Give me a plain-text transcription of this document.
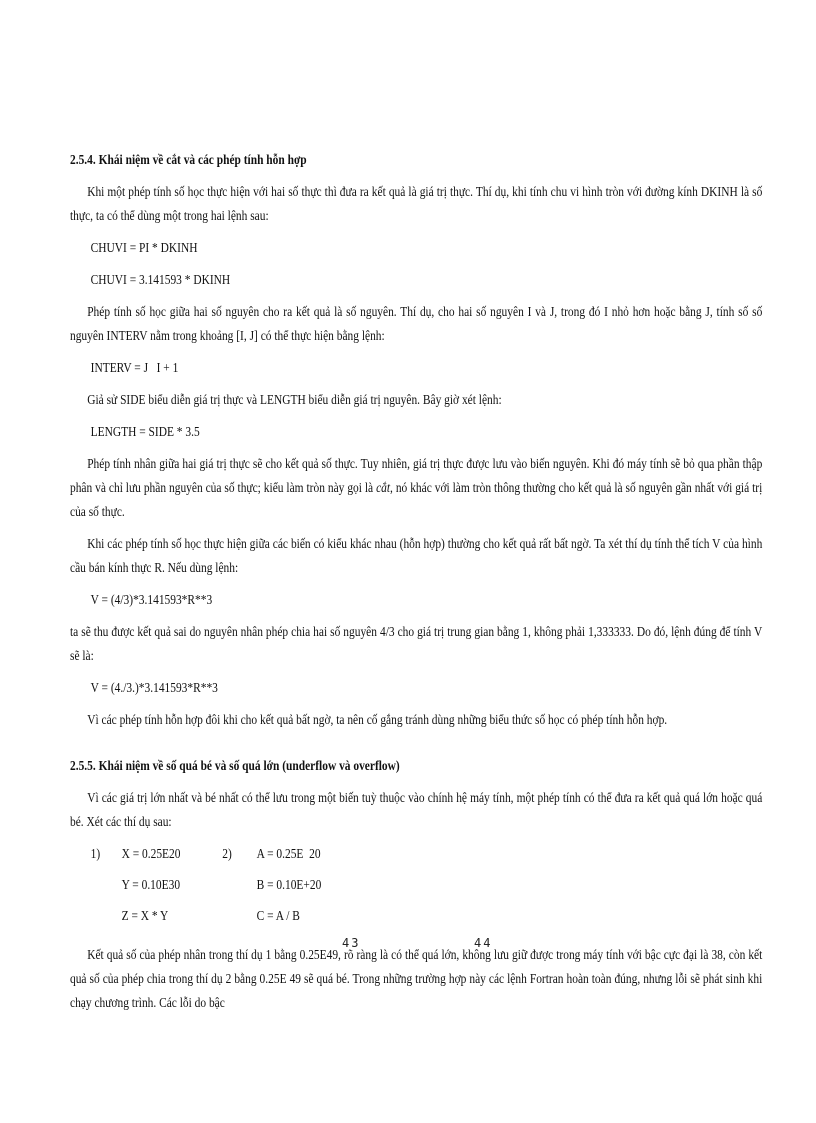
2.5.4. Khái niệm về cắt và các phép tính hỗn hợp
Khi một phép tính số học thực hiện với hai số thực thì đưa ra kết quả là giá trị thực. Thí dụ, khi tính chu vi hình tròn với đường kính DKINH là số thực, ta có thể dùng một trong hai lệnh sau:
CHUVI = PI * DKINH
CHUVI = 3.141593 * DKINH
Phép tính số học giữa hai số nguyên cho ra kết quả là số nguyên. Thí dụ, cho hai số nguyên I và J, trong đó I nhỏ hơn hoặc bằng J, tính số số nguyên INTERV nằm trong khoảng [I, J] có thể thực hiện bằng lệnh:
INTERV = J   I + 1
Giả sử SIDE biểu diễn giá trị thực và LENGTH biểu diễn giá trị nguyên. Bây giờ xét lệnh:
LENGTH = SIDE * 3.5
Phép tính nhân giữa hai giá trị thực sẽ cho kết quả số thực. Tuy nhiên, giá trị thực được lưu vào biến nguyên. Khi đó máy tính sẽ bỏ qua phần thập phân và chỉ lưu phần nguyên của số thực; kiểu làm tròn này gọi là cắt, nó khác với làm tròn thông thường cho kết quả là số nguyên gần nhất với giá trị của số thực.
Khi các phép tính số học thực hiện giữa các biến có kiểu khác nhau (hỗn hợp) thường cho kết quả rất bất ngờ. Ta xét thí dụ tính thể tích V của hình cầu bán kính thực R. Nếu dùng lệnh:
V = (4/3)*3.141593*R**3
ta sẽ thu được kết quả sai do nguyên nhân phép chia hai số nguyên 4/3 cho giá trị trung gian bằng 1, không phải 1,333333. Do đó, lệnh đúng để tính V sẽ là:
V = (4./3.)*3.141593*R**3
Vì các phép tính hỗn hợp đôi khi cho kết quả bất ngờ, ta nên cố gắng tránh dùng những biểu thức số học có phép tính hỗn hợp.
2.5.5. Khái niệm về số quá bé và số quá lớn (underflow và overflow)
Vì các giá trị lớn nhất và bé nhất có thể lưu trong một biến tuỳ thuộc vào chính hệ máy tính, một phép tính có thể đưa ra kết quả quá lớn hoặc quá bé. Xét các thí dụ sau:
1)	X = 0.25E20	2)	A = 0.25E  20
Y = 0.10E30	B = 0.10E+20
Z = X * Y	C = A / B
Kết quả số của phép nhân trong thí dụ 1 bằng 0.25E49, rõ ràng là có thể quá lớn, không lưu giữ được trong máy tính với bậc cực đại là 38, còn kết quả số của phép chia trong thí dụ 2 bằng 0.25E 49 sẽ quá bé. Trong những trường hợp này các lệnh Fortran hoàn toàn đúng, nhưng lỗi sẽ phát sinh khi chạy chương trình. Các lỗi do bậc
43	44
